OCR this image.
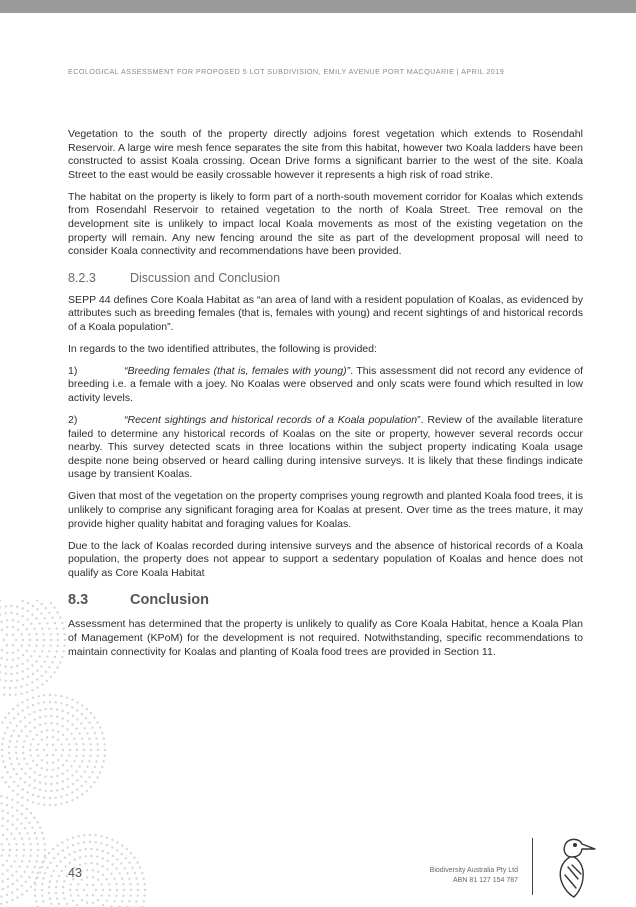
ECOLOGICAL ASSESSMENT FOR PROPOSED 5 LOT SUBDIVISION, EMILY AVENUE PORT MACQUARIE | APRIL 2019

Vegetation to the south of the property directly adjoins forest vegetation which extends to Rosendahl Reservoir. A large wire mesh fence separates the site from this habitat, however two Koala ladders have been constructed to assist Koala crossing. Ocean Drive forms a significant barrier to the west of the site. Koala Street to the east would be easily crossable however it represents a high risk of road strike.

The habitat on the property is likely to form part of a north-south movement corridor for Koalas which extends from Rosendahl Reservoir to retained vegetation to the north of Koala Street. Tree removal on the development site is unlikely to impact local Koala movements as most of the existing vegetation on the property will remain. Any new fencing around the site as part of the development proposal will need to consider Koala connectivity and recommendations have been provided.

8.2.3	Discussion and Conclusion

SEPP 44 defines Core Koala Habitat as “an area of land with a resident population of Koalas, as evidenced by attributes such as breeding females (that is, females with young) and recent sightings of and historical records of a Koala population”.

In regards to the two identified attributes, the following is provided:

1)	“Breeding females (that is, females with young)”. This assessment did not record any evidence of breeding i.e. a female with a joey. No Koalas were observed and only scats were found which resulted in low activity levels.

2)	“Recent sightings and historical records of a Koala population”. Review of the available literature failed to determine any historical records of Koalas on the site or property, however several records occur nearby. This survey detected scats in three locations within the subject property indicating Koala usage despite none being observed or heard calling during intensive surveys. It is likely that these findings indicate usage by transient Koalas.

Given that most of the vegetation on the property comprises young regrowth and planted Koala food trees, it is unlikely to comprise any significant foraging area for Koalas at present. Over time as the trees mature, it may provide higher quality habitat and foraging values for Koalas.

Due to the lack of Koalas recorded during intensive surveys and the absence of historical records of a Koala population, the property does not appear to support a sedentary population of Koalas and hence does not qualify as Core Koala Habitat

8.3	Conclusion

Assessment has determined that the property is unlikely to qualify as Core Koala Habitat, hence a Koala Plan of Management (KPoM) for the development is not required. Notwithstanding, specific recommendations to maintain connectivity for Koalas and planting of Koala food trees are provided in Section 11.

43	Biodiversity Australia Pty Ltd
ABN 81 127 154 787
